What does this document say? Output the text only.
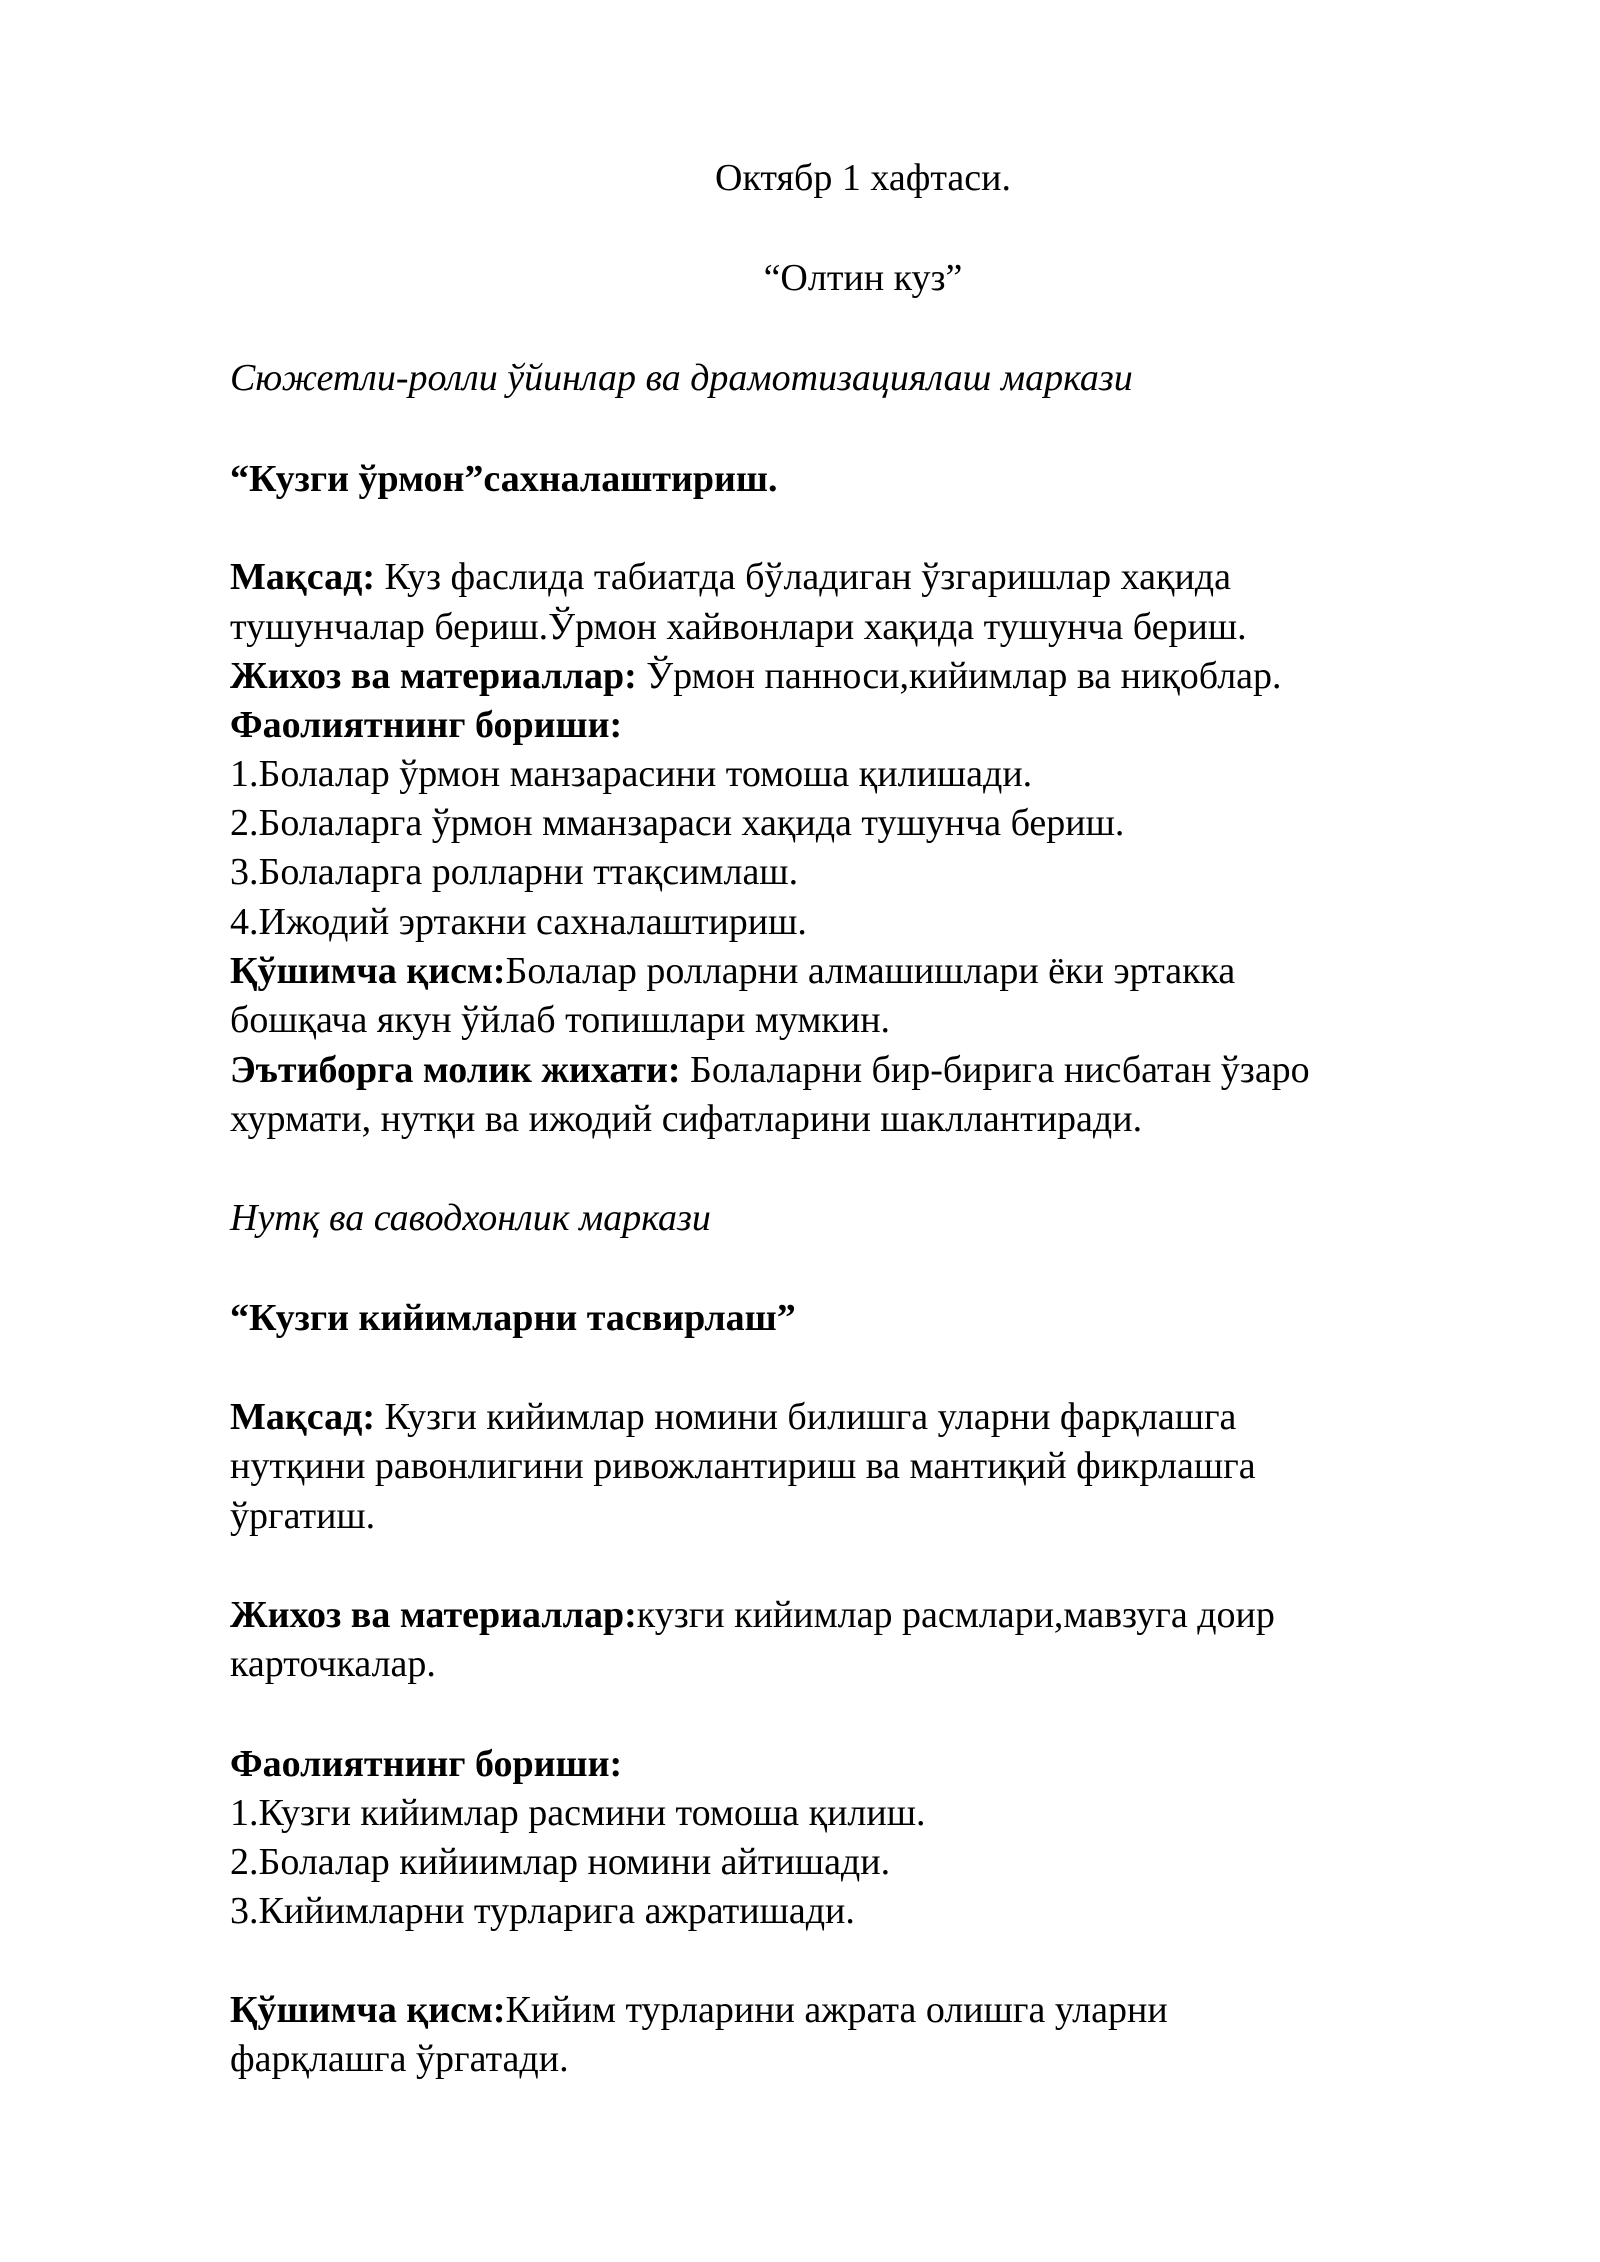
Октябр 1 хафтаси.
“Олтин куз”
Сюжетли-ролли ўйинлар ва драмотизациялаш маркази
“Кузги ўрмон”сахналаштириш.
Мақсад: Куз фаслида табиатда бўладиган ўзгаришлар хақида
тушунчалар бериш.Ўрмон хайвонлари хақида тушунча бериш.
Жихоз ва материаллар: Ўрмон панноси,кийимлар ва ниқоблар.
Фаолиятнинг бориши:
1.Болалар ўрмон манзарасини томоша қилишади.
2.Болаларга ўрмон мманзараси хақида тушунча бериш.
3.Болаларга ролларни ттақсимлаш.
4.Ижодий эртакни сахналаштириш.
Қўшимча қисм:Болалар ролларни алмашишлари ёки эртакка
бошқача якун ўйлаб топишлари мумкин.
Эътиборга молик жихати: Болаларни бир-бирига нисбатан ўзаро
хурмати, нутқи ва ижодий сифатларини шакллантиради.
Нутқ ва саводхонлик маркази
“Кузги кийимларни тасвирлаш”
Мақсад: Кузги кийимлар номини билишга уларни фарқлашга
нутқини равонлигини ривожлантириш ва мантиқий фикрлашга
ўргатиш.
Жихоз ва материаллар:кузги кийимлар расмлари,мавзуга доир
карточкалар.
Фаолиятнинг бориши:
1.Кузги кийимлар расмини томоша қилиш.
2.Болалар кийиимлар номини айтишади.
3.Кийимларни турларига ажратишади.
Қўшимча қисм:Кийим турларини ажрата олишга уларни
фарқлашга ўргатади.
